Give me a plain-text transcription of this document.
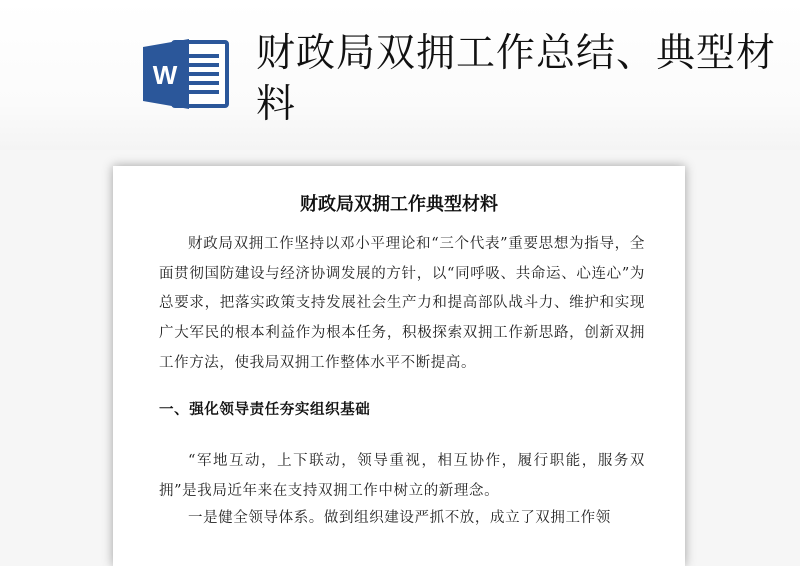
W 财政局双拥工作总结、典型材料
财政局双拥工作典型材料

财政局双拥工作坚持以邓小平理论和“三个代表”重要思想为指导，全面贯彻国防建设与经济协调发展的方针，以“同呼吸、共命运、心连心”为总要求，把落实政策支持发展社会生产力和提高部队战斗力、维护和实现广大军民的根本利益作为根本任务，积极探索双拥工作新思路，创新双拥工作方法，使我局双拥工作整体水平不断提高。

一、强化领导责任夯实组织基础

“军地互动，上下联动，领导重视，相互协作，履行职能，服务双拥”是我局近年来在支持双拥工作中树立的新理念。

一是健全领导体系。做到组织建设严抓不放，成立了双拥工作领
